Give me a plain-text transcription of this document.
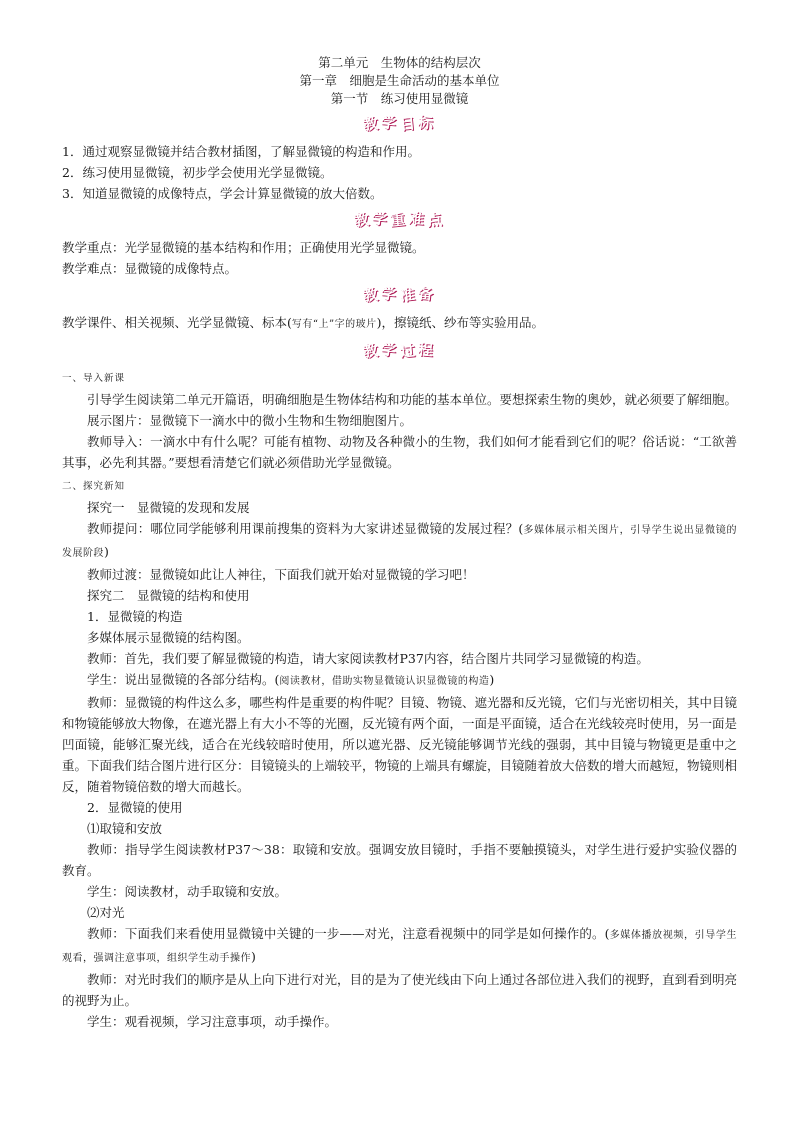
第二单元　生物体的结构层次
第一章　细胞是生命活动的基本单位
第一节　练习使用显微镜
教学目标

1．通过观察显微镜并结合教材插图，了解显微镜的构造和作用。

2．练习使用显微镜，初步学会使用光学显微镜。

3．知道显微镜的成像特点，学会计算显微镜的放大倍数。

教学重难点

教学重点：光学显微镜的基本结构和作用；正确使用光学显微镜。

教学难点：显微镜的成像特点。

教学准备

教学课件、相关视频、光学显微镜、标本(写有“上”字的玻片)，擦镜纸、纱布等实验用品。

教学过程

一、导入新课

引导学生阅读第二单元开篇语，明确细胞是生物体结构和功能的基本单位。要想探索生物的奥妙，就必须要了解细胞。

展示图片：显微镜下一滴水中的微小生物和生物细胞图片。

教师导入：一滴水中有什么呢？可能有植物、动物及各种微小的生物，我们如何才能看到它们的呢？俗话说：“工欲善其事，必先利其器。”要想看清楚它们就必须借助光学显微镜。

二、探究新知

探究一　显微镜的发现和发展

教师提问：哪位同学能够利用课前搜集的资料为大家讲述显微镜的发展过程？(多媒体展示相关图片，引导学生说出显微镜的发展阶段)

教师过渡：显微镜如此让人神往，下面我们就开始对显微镜的学习吧！

探究二　显微镜的结构和使用

1．显微镜的构造

多媒体展示显微镜的结构图。

教师：首先，我们要了解显微镜的构造，请大家阅读教材P37内容，结合图片共同学习显微镜的构造。

学生：说出显微镜的各部分结构。(阅读教材，借助实物显微镜认识显微镜的构造)

教师：显微镜的构件这么多，哪些构件是重要的构件呢？目镜、物镜、遮光器和反光镜，它们与光密切相关，其中目镜和物镜能够放大物像，在遮光器上有大小不等的光圈，反光镜有两个面，一面是平面镜，适合在光线较亮时使用，另一面是凹面镜，能够汇聚光线，适合在光线较暗时使用，所以遮光器、反光镜能够调节光线的强弱，其中目镜与物镜更是重中之重。下面我们结合图片进行区分：目镜镜头的上端较平，物镜的上端具有螺旋，目镜随着放大倍数的增大而越短，物镜则相反，随着物镜倍数的增大而越长。

2．显微镜的使用

⑴取镜和安放

教师：指导学生阅读教材P37～38：取镜和安放。强调安放目镜时，手指不要触摸镜头，对学生进行爱护实验仪器的教育。

学生：阅读教材，动手取镜和安放。

⑵对光

教师：下面我们来看使用显微镜中关键的一步——对光，注意看视频中的同学是如何操作的。(多媒体播放视频，引导学生观看，强调注意事项，组织学生动手操作)

教师：对光时我们的顺序是从上向下进行对光，目的是为了使光线由下向上通过各部位进入我们的视野，直到看到明亮的视野为止。

学生：观看视频，学习注意事项，动手操作。
